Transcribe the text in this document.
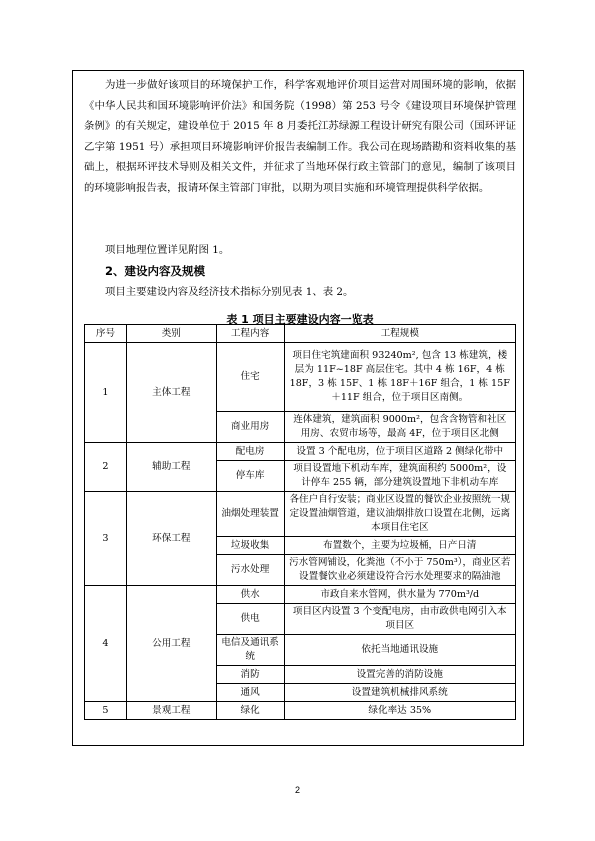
为进一步做好该项目的环境保护工作，科学客观地评价项目运营对周围环境的影响，依据《中华人民共和国环境影响评价法》和国务院（1998）第 253 号令《建设项目环境保护管理条例》的有关规定，建设单位于 2015 年 8 月委托江苏绿源工程设计研究有限公司（国环评证乙字第 1951 号）承担项目环境影响评价报告表编制工作。我公司在现场踏勘和资料收集的基础上，根据环评技术导则及相关文件，并征求了当地环保行政主管部门的意见，编制了该项目的环境影响报告表，报请环保主管部门审批，以期为项目实施和环境管理提供科学依据。

项目地理位置详见附图 1。

2、建设内容及规模

项目主要建设内容及经济技术指标分别见表 1、表 2。

表 1 项目主要建设内容一览表
序号	类别	工程内容	工程规模
1	主体工程	住宅	项目住宅筑建面积 93240m², 包含 13 栋建筑，楼层为 11F~18F 高层住宅。其中 4 栋 16F，4 栋 18F，3 栋 15F、1 栋 18F＋16F 组合，1 栋 15F＋11F 组合，位于项目区南侧。
		商业用房	连体建筑，建筑面积 9000m²，包含含物管和社区用房、农贸市场等，最高 4F，位于项目区北侧
2	辅助工程	配电房	设置 3 个配电房，位于项目区道路 2 侧绿化带中
		停车库	项目设置地下机动车库，建筑面积约 5000m²，设计停车 255 辆，部分建筑设置地下非机动车库
3	环保工程	油烟处理装置	各住户自行安装；商业区设置的餐饮企业按照统一规定设置油烟管道，建议油烟排放口设置在北侧，远离本项目住宅区
		垃圾收集	布置数个，主要为垃圾桶，日产日清
		污水处理	污水管网铺设，化粪池（不小于 750m³），商业区若设置餐饮业必须建设符合污水处理要求的隔油池
4	公用工程	供水	市政自来水管网，供水量为 770m³/d
		供电	项目区内设置 3 个变配电房，由市政供电网引入本项目区
		电信及通讯系统	依托当地通讯设施
		消防	设置完善的消防设施
		通风	设置建筑机械排风系统
5	景观工程	绿化	绿化率达 35%
2
